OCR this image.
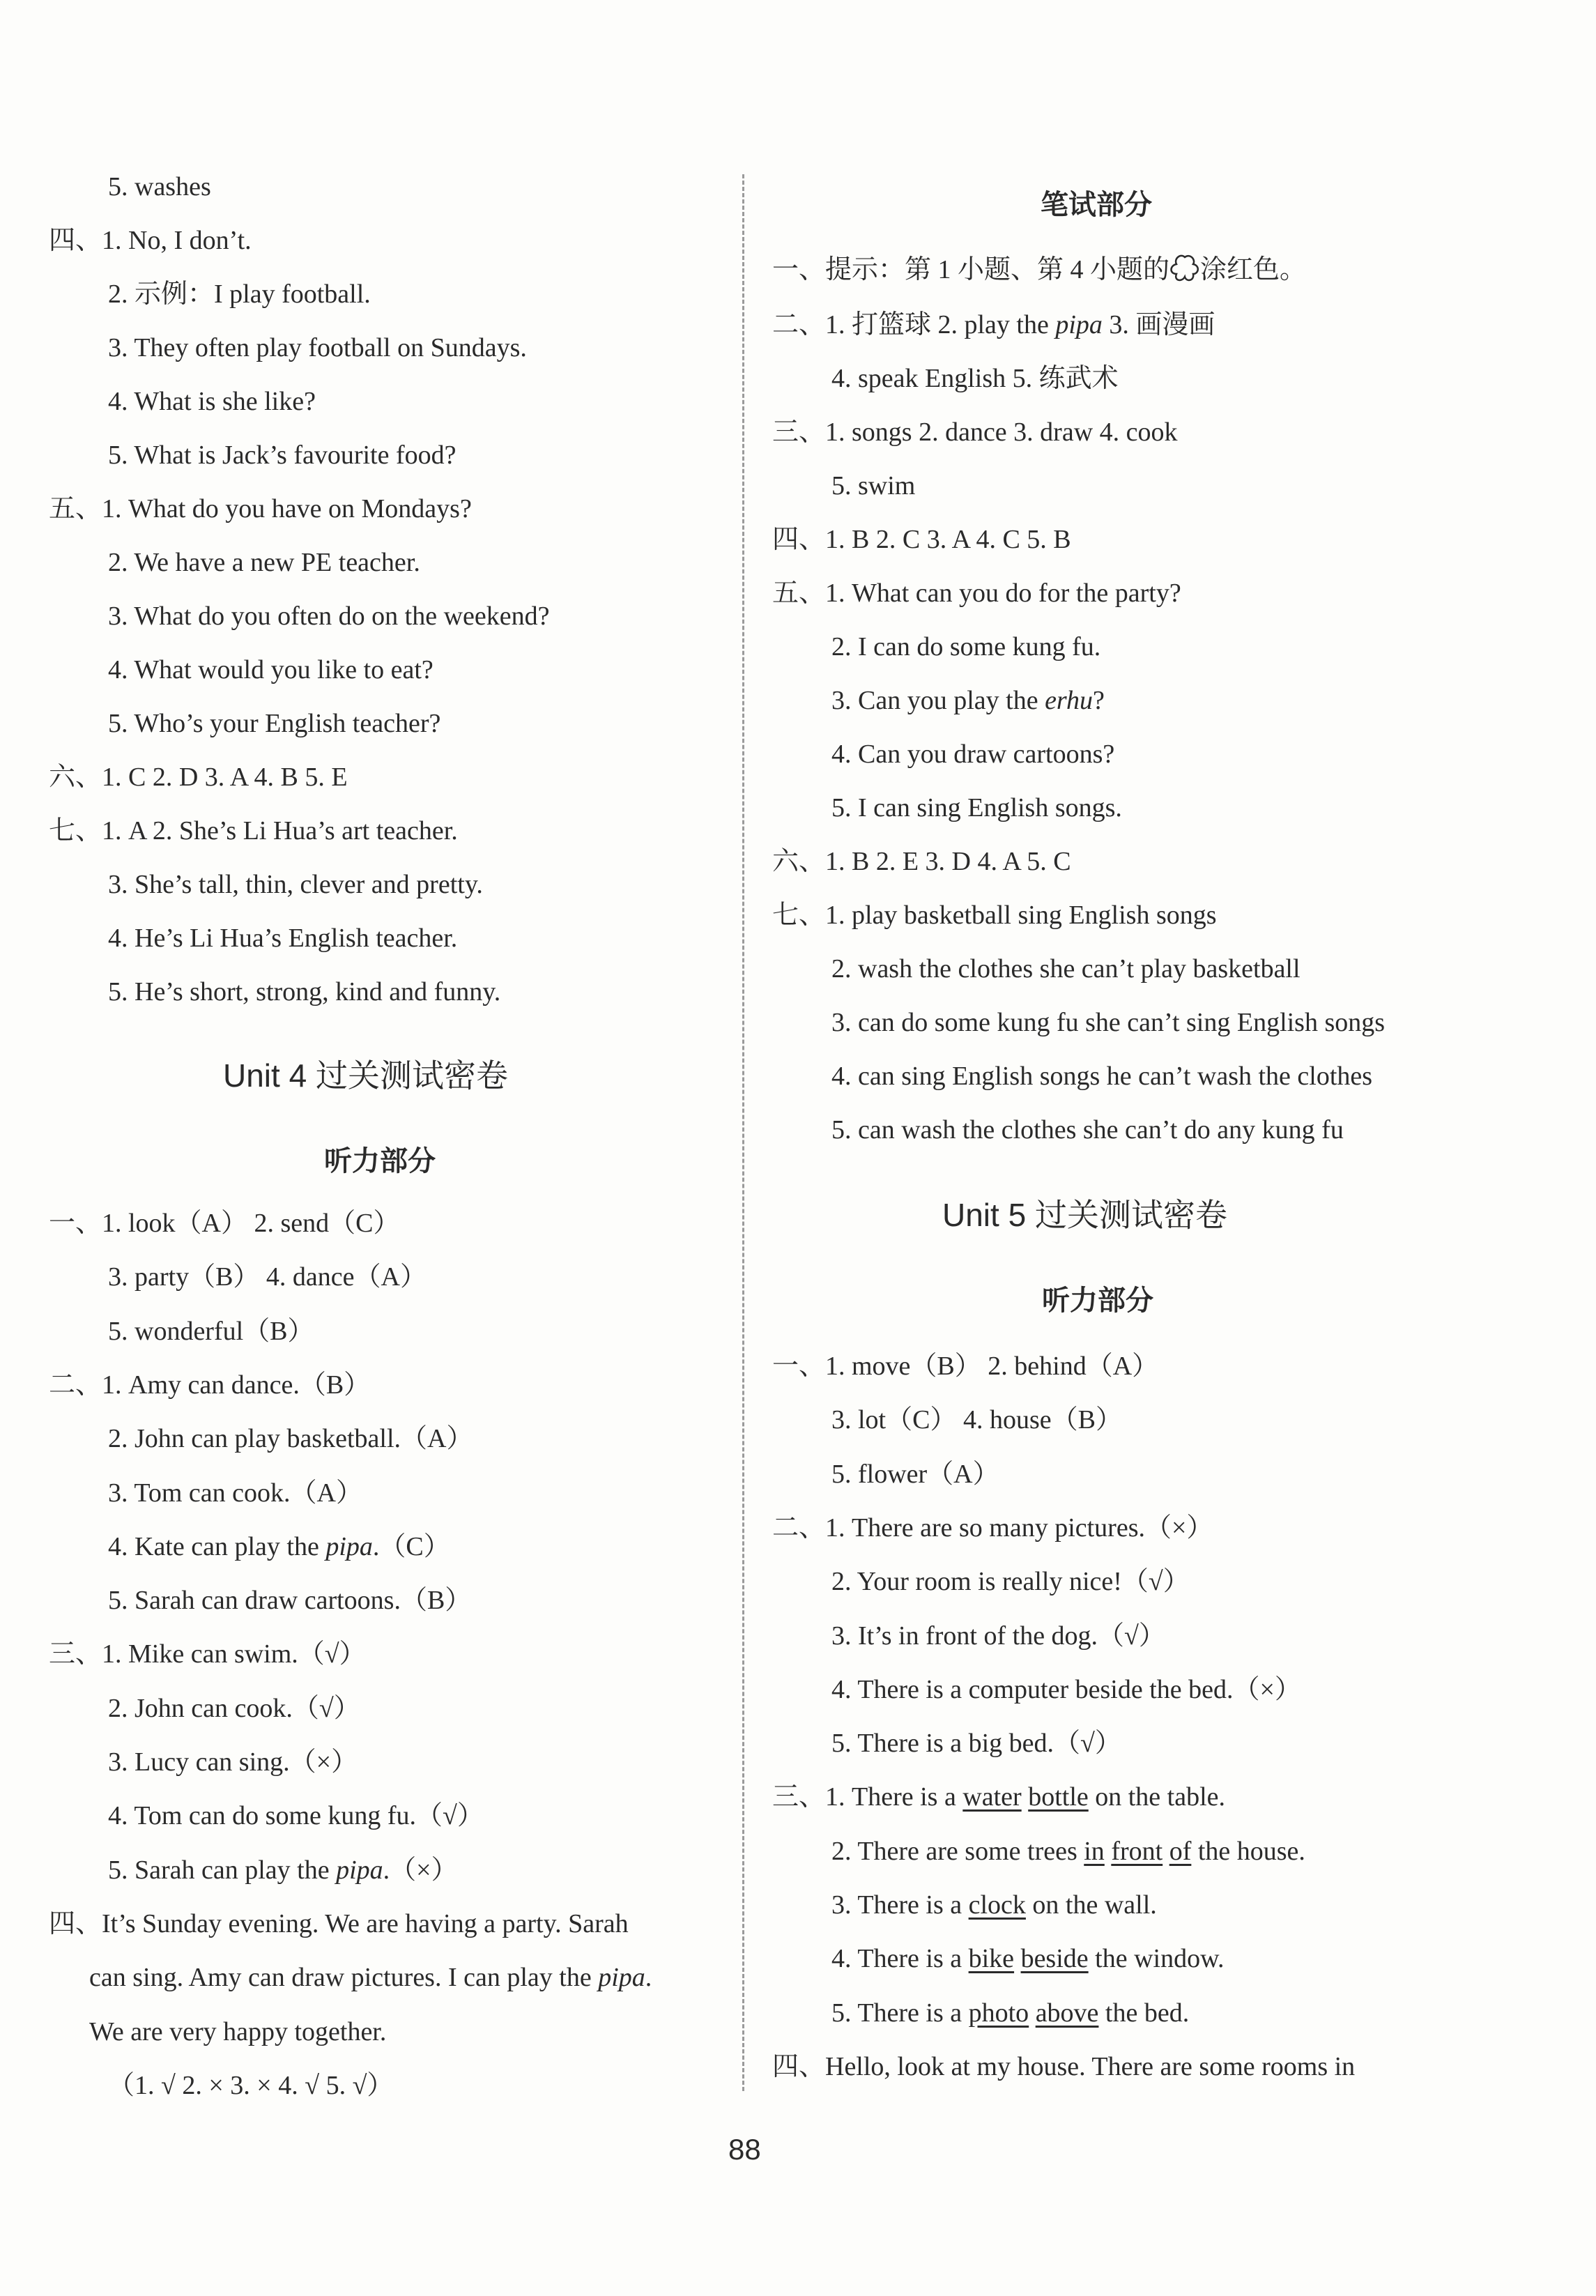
Unit 4 过关测试密卷
听力部分
笔试部分
一、提示：第 1 小题、第 4 小题的 涂红色。
Unit 5 过关测试密卷
听力部分
88
5. washes
四、1. No, I don’t.
2. 示例：I play football.
3. They often play football on Sundays.
4. What is she like?
5. What is Jack’s favourite food?
五、1. What do you have on Mondays?
2. We have a new PE teacher.
3. What do you often do on the weekend?
4. What would you like to eat?
5. Who’s your English teacher?
六、1. C 2. D 3. A 4. B 5. E
七、1. A 2. She’s Li Hua’s art teacher.
3. She’s tall, thin, clever and pretty.
4. He’s Li Hua’s English teacher.
5. He’s short, strong, kind and funny.
一、1. look（A） 2. send（C）
3. party（B） 4. dance（A）
5. wonderful（B）
二、1. Amy can dance.（B）
2. John can play basketball.（A）
3. Tom can cook.（A）
4. Kate can play the pipa.（C）
5. Sarah can draw cartoons.（B）
三、1. Mike can swim.（√）
2. John can cook.（√）
3. Lucy can sing.（×）
4. Tom can do some kung fu.（√）
5. Sarah can play the pipa.（×）
四、It’s Sunday evening. We are having a party. Sarah
can sing. Amy can draw pictures. I can play the pipa.
We are very happy together.
（1. √ 2. × 3. × 4. √ 5. √）
二、1. 打篮球 2. play the pipa 3. 画漫画
4. speak English 5. 练武术
三、1. songs 2. dance 3. draw 4. cook
5. swim
四、1. B 2. C 3. A 4. C 5. B
五、1. What can you do for the party?
2. I can do some kung fu.
3. Can you play the erhu?
4. Can you draw cartoons?
5. I can sing English songs.
六、1. B 2. E 3. D 4. A 5. C
七、1. play basketball sing English songs
2. wash the clothes she can’t play basketball
3. can do some kung fu she can’t sing English songs
4. can sing English songs he can’t wash the clothes
5. can wash the clothes she can’t do any kung fu
一、1. move（B） 2. behind（A）
3. lot（C） 4. house（B）
5. flower（A）
二、1. There are so many pictures.（×）
2. Your room is really nice!（√）
3. It’s in front of the dog.（√）
4. There is a computer beside the bed.（×）
5. There is a big bed.（√）
三、1. There is a water bottle on the table.
2. There are some trees in front of the house.
3. There is a clock on the wall.
4. There is a bike beside the window.
5. There is a photo above the bed.
四、Hello, look at my house. There are some rooms in
